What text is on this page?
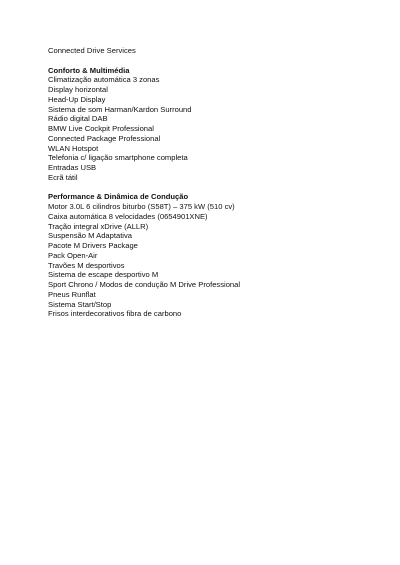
Connected Drive Services
Conforto & Multimédia
Climatização automática 3 zonas
Display horizontal
Head-Up Display
Sistema de som Harman/Kardon Surround
Rádio digital DAB
BMW Live Cockpit Professional
Connected Package Professional
WLAN Hotspot
Telefonia c/ ligação smartphone completa
Entradas USB
Ecrã tátil
Performance & Dinâmica de Condução
Motor 3.0L 6 cilindros biturbo (S58T) – 375 kW (510 cv)
Caixa automática 8 velocidades (0654901XNE)
Tração integral xDrive (ALLR)
Suspensão M Adaptativa
Pacote M Drivers Package
Pack Open-Air
Travões M desportivos
Sistema de escape desportivo M
Sport Chrono / Modos de condução M Drive Professional
Pneus Runflat
Sistema Start/Stop
Frisos interdecorativos fibra de carbono
